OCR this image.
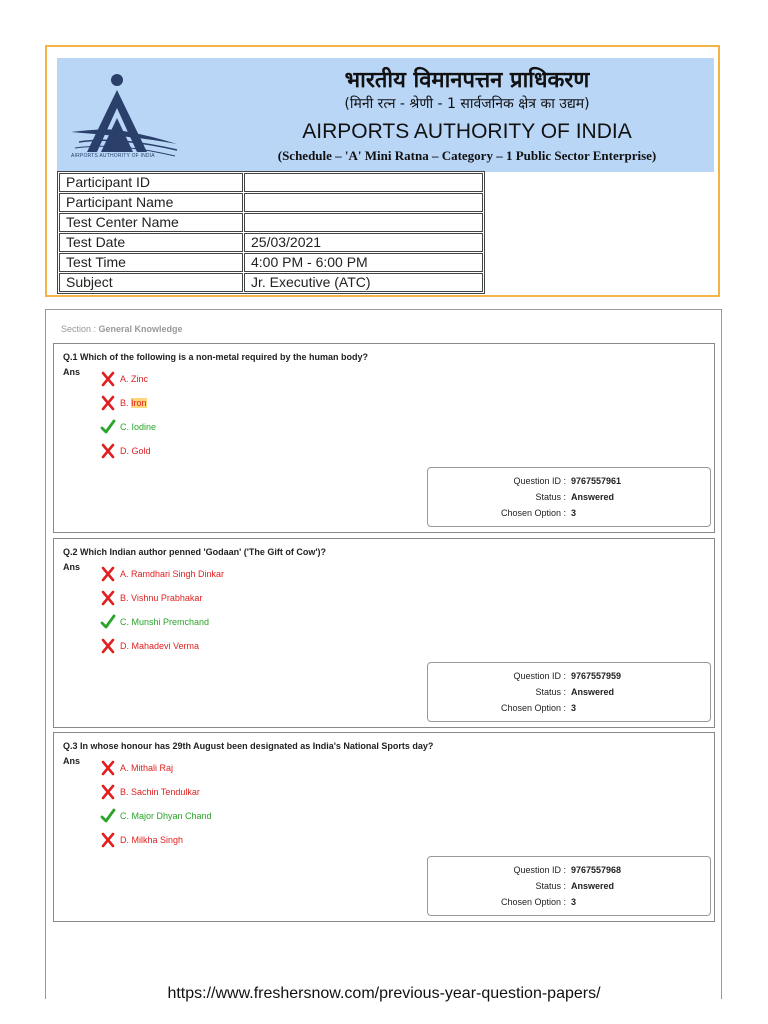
AIRPORTS AUTHORITY OF INDIA
भारतीय विमानपत्तन प्राधिकरण
(मिनी रत्न - श्रेणी - 1 सार्वजनिक क्षेत्र का उद्यम)
AIRPORTS AUTHORITY OF INDIA
(Schedule – 'A' Mini Ratna – Category – 1 Public Sector Enterprise)
Participant ID	
Participant Name	
Test Center Name	
Test Date	25/03/2021
Test Time	4:00 PM - 6:00 PM
Subject	Jr. Executive (ATC)
Section : General Knowledge
Q.1 Which of the following is a non-metal required by the human body?
Ans
A. Zinc
B. Iron
C. Iodine
D. Gold
Question ID : 9767557961
Status : Answered
Chosen Option : 3
Q.2 Which Indian author penned 'Godaan' ('The Gift of Cow')?
Ans
A. Ramdhari Singh Dinkar
B. Vishnu Prabhakar
C. Munshi Premchand
D. Mahadevi Verma
Question ID : 9767557959
Status : Answered
Chosen Option : 3
Q.3 In whose honour has 29th August been designated as India's National Sports day?
Ans
A. Mithali Raj
B. Sachin Tendulkar
C. Major Dhyan Chand
D. Milkha Singh
Question ID : 9767557968
Status : Answered
Chosen Option : 3
https://www.freshersnow.com/previous-year-question-papers/
